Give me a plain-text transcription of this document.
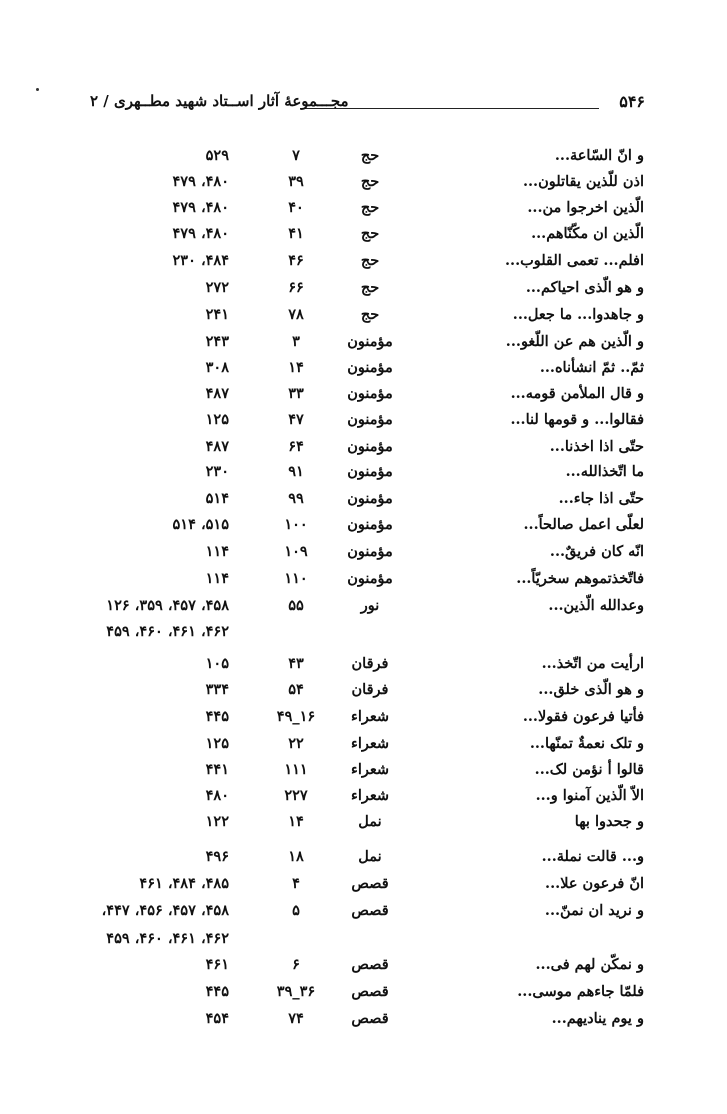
۵۴۶
مجـــموعهٔ آثار اســتاد شهید مطــهری / ۲
و انّ السّاعة...
حج
۷
۵۲۹
اذن للّذین یقاتلون...
حج
۳۹
۴۸۰، ۴۷۹
الّذین اخرجوا من...
حج
۴۰
۴۸۰، ۴۷۹
الّذین ان مکّنّاهم...
حج
۴۱
۴۸۰، ۴۷۹
افلم... تعمی القلوب...
حج
۴۶
۴۸۴، ۲۳۰
و هو الّذی احیاکم...
حج
۶۶
۲۷۲
و جاهدوا... ما جعل...
حج
۷۸
۲۴۱
و الّذین هم عن اللّغو...
مؤمنون
۳
۲۴۳
ثمّ.. ثمّ انشأناه...
مؤمنون
۱۴
۳۰۸
و قال الملأمن قومه...
مؤمنون
۳۳
۴۸۷
فقالوا... و قومها لنا...
مؤمنون
۴۷
۱۲۵
حتّی اذا اخذنا...
مؤمنون
۶۴
۴۸۷
ما اتّخذالله...
مؤمنون
۹۱
۲۳۰
حتّی اذا جاء...
مؤمنون
۹۹
۵۱۴
لعلّی اعمل صالحاً...
مؤمنون
۱۰۰
۵۱۵، ۵۱۴
انّه کان فریقٌ...
مؤمنون
۱۰۹
۱۱۴
فاتّخذتموهم سخریّاً...
مؤمنون
۱۱۰
۱۱۴
وعدالله الّذین...
نور
۵۵
۴۵۸، ۴۵۷، ۳۵۹، ۱۲۶
۴۶۲، ۴۶۱، ۴۶۰، ۴۵۹
ارأیت من اتّخذ...
فرقان
۴۳
۱۰۵
و هو الّذی خلق...
فرقان
۵۴
۳۳۴
فأتیا فرعون فقولا...
شعراء
۱۶_۴۹
۴۴۵
و تلک نعمةٌ تمنّها...
شعراء
۲۲
۱۲۵
قالوا أ نؤمن لک...
شعراء
۱۱۱
۴۴۱
الاّ الّذین آمنوا و...
شعراء
۲۲۷
۴۸۰
و جحدوا بها
نمل
۱۴
۱۲۲
و... قالت نملة...
نمل
۱۸
۴۹۶
انّ فرعون علا...
قصص
۴
۴۸۵، ۴۸۴، ۴۶۱
و نرید ان نمنّ...
قصص
۵
۴۵۸، ۴۵۷، ۴۵۶، ۴۴۷،
۴۶۲، ۴۶۱، ۴۶۰، ۴۵۹
و نمکّن لهم فی...
قصص
۶
۴۶۱
فلمّا جاءهم موسی...
قصص
۳۶_۳۹
۴۴۵
و یوم ینادیهم...
قصص
۷۴
۴۵۴
